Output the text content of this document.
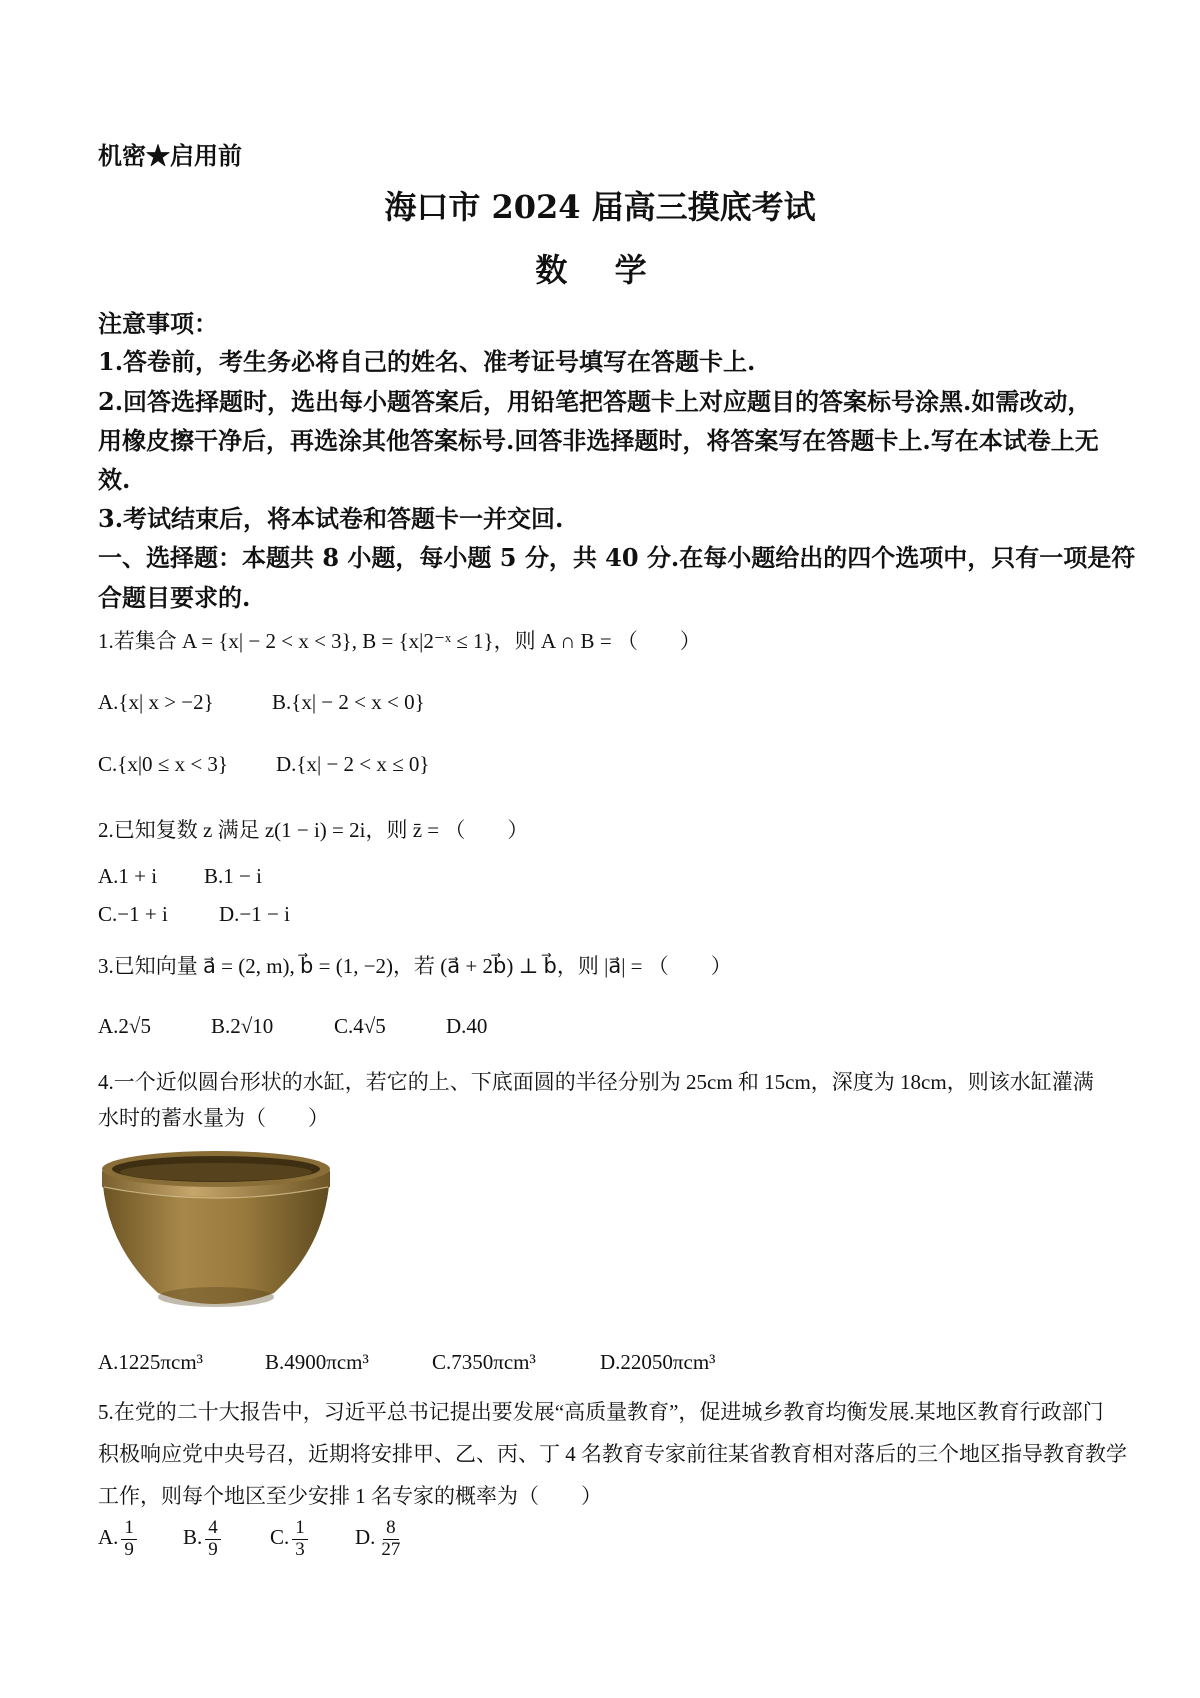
机密★启用前
海口市 2024 届高三摸底考试
数 学
注意事项：
1.答卷前，考生务必将自己的姓名、准考证号填写在答题卡上.
2.回答选择题时，选出每小题答案后，用铅笔把答题卡上对应题目的答案标号涂黑.如需改动，
用橡皮擦干净后，再选涂其他答案标号.回答非选择题时，将答案写在答题卡上.写在本试卷上无
效.
3.考试结束后，将本试卷和答题卡一并交回.
一、选择题：本题共 8 小题，每小题 5 分，共 40 分.在每小题给出的四个选项中，只有一项是符
合题目要求的.
1.若集合 A = {x| − 2 < x < 3}, B = {x|2⁻ˣ ≤ 1}，则 A ∩ B = （　　）
A.{x| x > −2}	B.{x| − 2 < x < 0}
C.{x|0 ≤ x < 3} D.{x| − 2 < x ≤ 0}
2.已知复数 z 满足 z(1 − i) = 2i，则 z̄ = （　　）
A.1 + i B.1 − i
C.−1 + i D.−1 − i
3.已知向量 a⃗ = (2, m), b⃗ = (1, −2)，若 (a⃗ + 2b⃗) ⊥ b⃗，则 |a⃗| = （　　）
A.2√5	B.2√10	C.4√5	D.40
4.一个近似圆台形状的水缸，若它的上、下底面圆的半径分别为 25cm 和 15cm，深度为 18cm，则该水缸灌满
水时的蓄水量为（　　）
A.1225πcm³	B.4900πcm³	C.7350πcm³	D.22050πcm³
5.在党的二十大报告中，习近平总书记提出要发展“高质量教育”，促进城乡教育均衡发展.某地区教育行政部门
积极响应党中央号召，近期将安排甲、乙、丙、丁 4 名教育专家前往某省教育相对落后的三个地区指导教育教学
工作，则每个地区至少安排 1 名专家的概率为（　　）
A. $\frac{1}{9} B$. $\frac{4}{9} C$. $\frac{1}{3} D$. $\frac{8}{27}$
